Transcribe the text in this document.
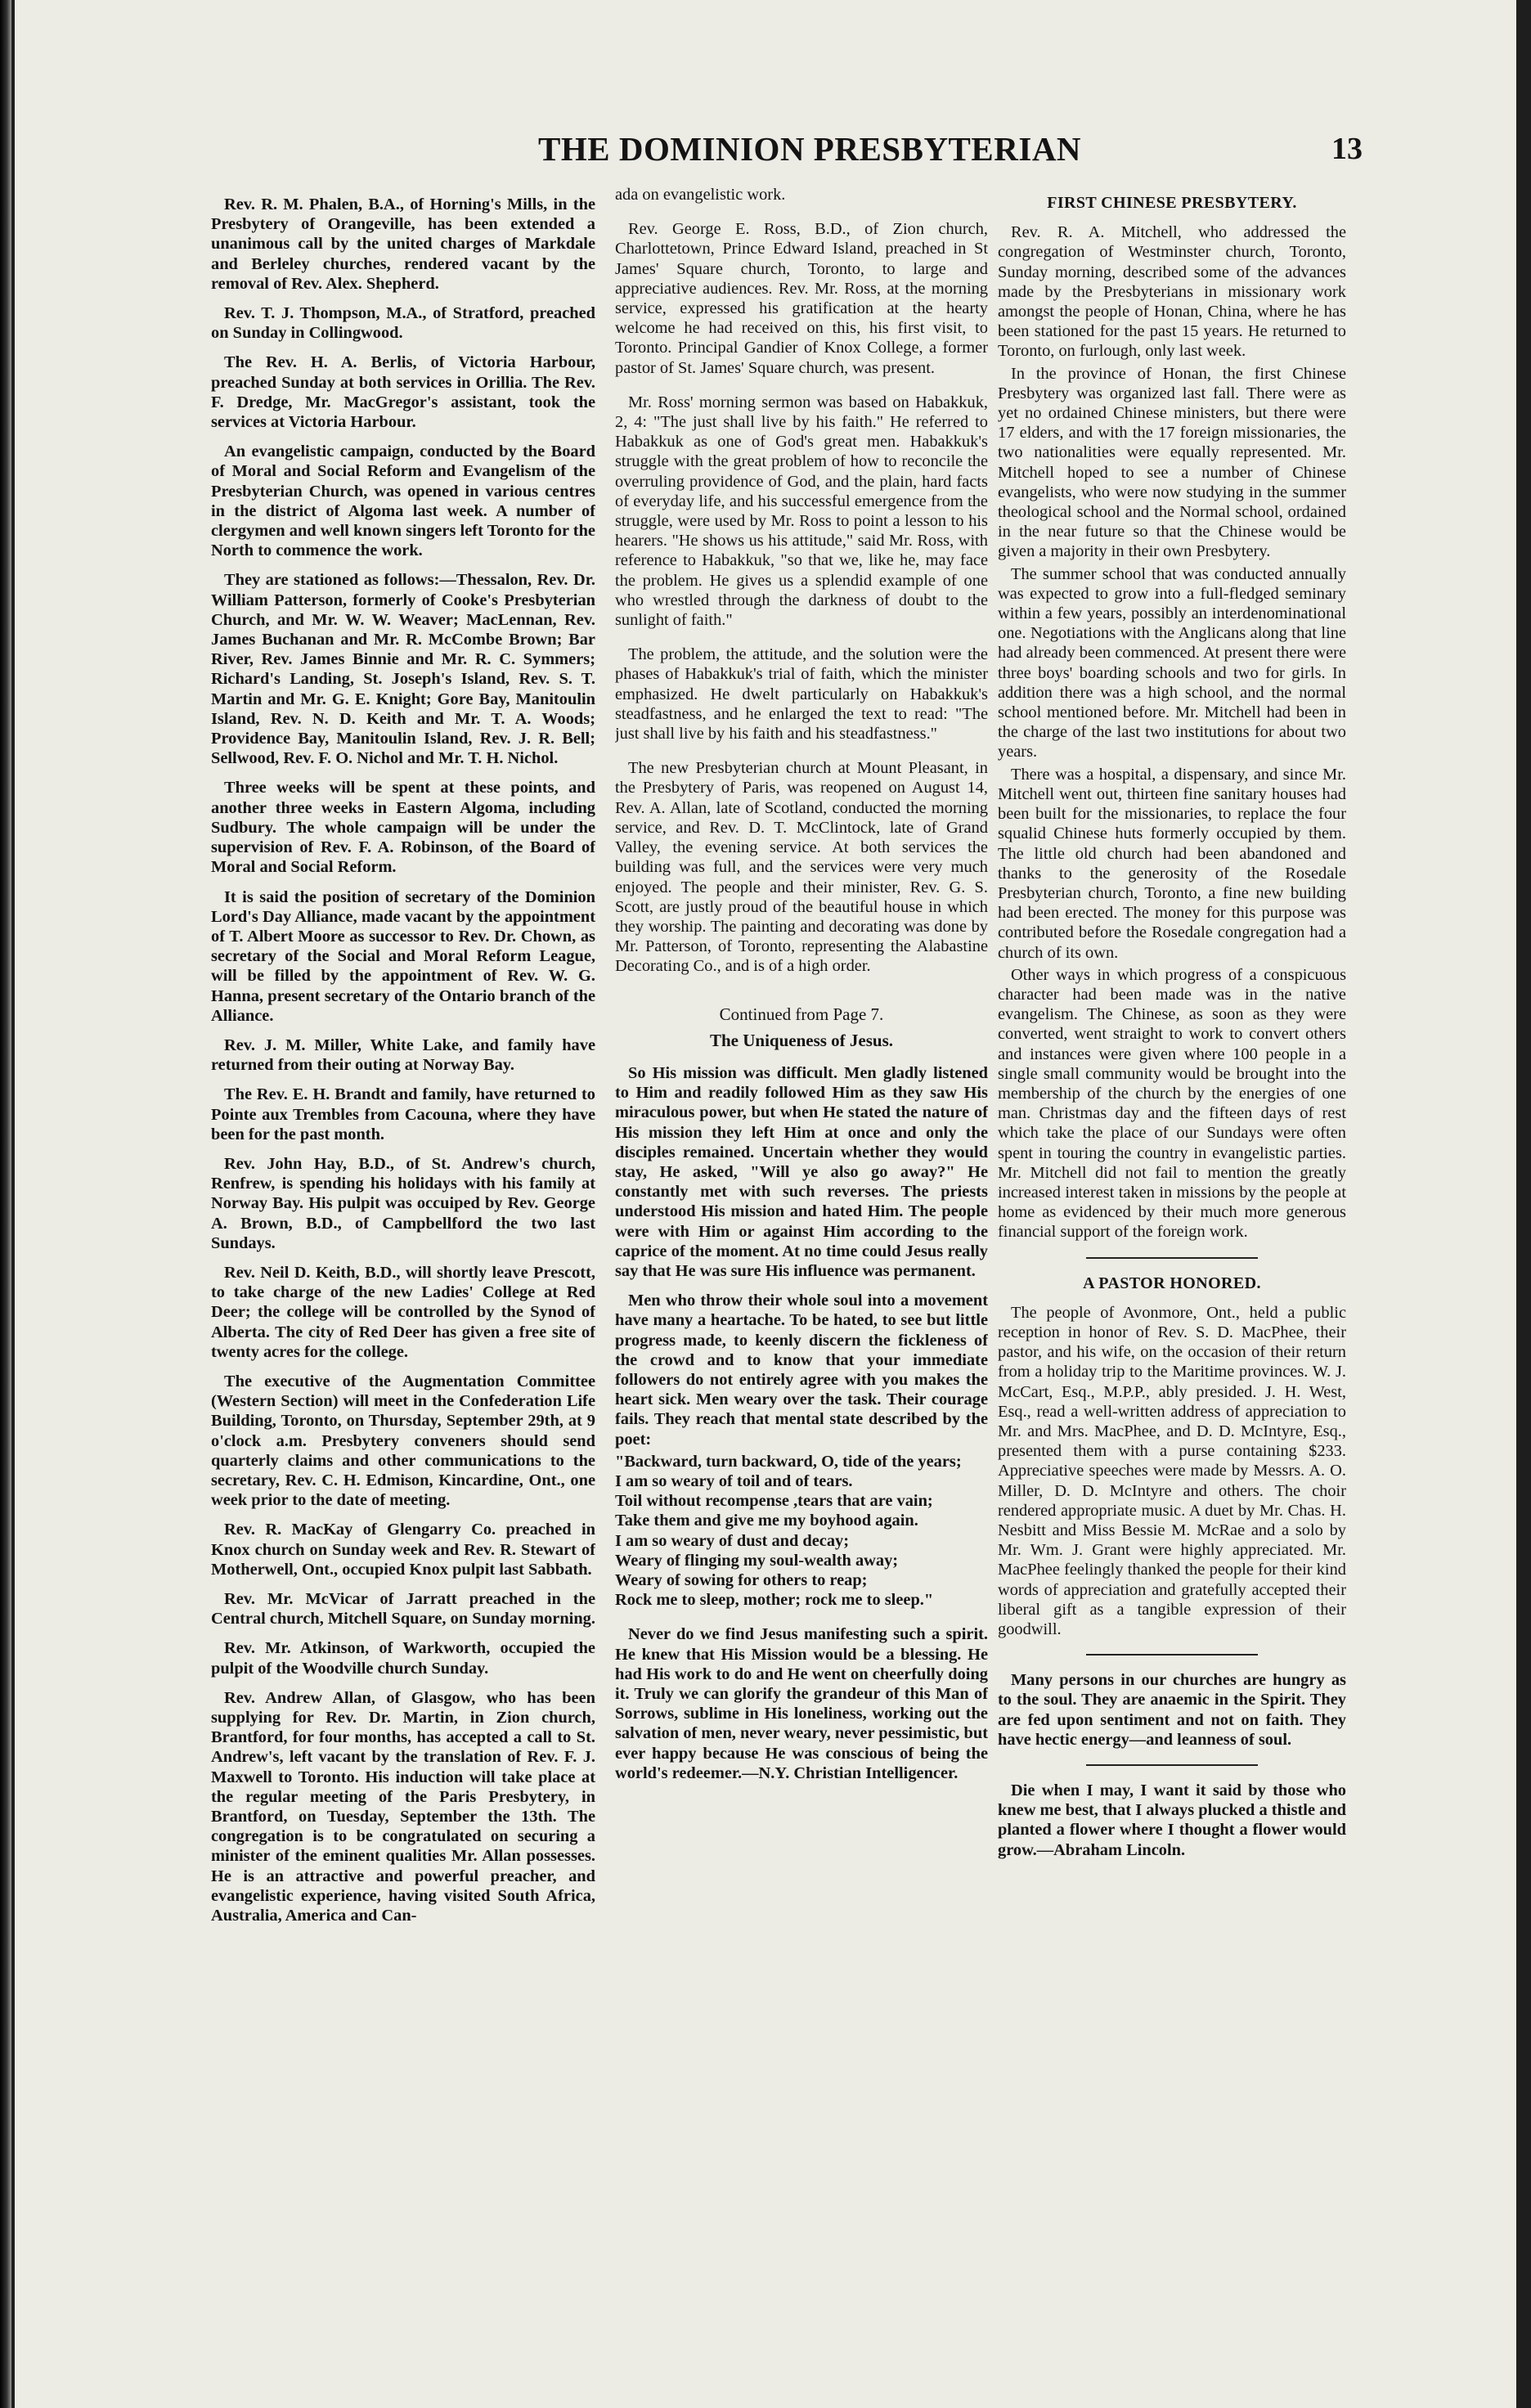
THE DOMINION PRESBYTERIAN	13

Rev. R. M. Phalen, B.A., of Horning's Mills, in the Presbytery of Orangeville, has been extended a unanimous call by the united charges of Markdale and Berleley churches, rendered vacant by the removal of Rev. Alex. Shepherd.

Rev. T. J. Thompson, M.A., of Stratford, preached on Sunday in Collingwood.

The Rev. H. A. Berlis, of Victoria Harbour, preached Sunday at both services in Orillia. The Rev. F. Dredge, Mr. MacGregor's assistant, took the services at Victoria Harbour.

An evangelistic campaign, conducted by the Board of Moral and Social Reform and Evangelism of the Presbyterian Church, was opened in various centres in the district of Algoma last week. A number of clergymen and well known singers left Toronto for the North to commence the work.

They are stationed as follows:—Thessalon, Rev. Dr. William Patterson, formerly of Cooke's Presbyterian Church, and Mr. W. W. Weaver; MacLennan, Rev. James Buchanan and Mr. R. McCombe Brown; Bar River, Rev. James Binnie and Mr. R. C. Symmers; Richard's Landing, St. Joseph's Island, Rev. S. T. Martin and Mr. G. E. Knight; Gore Bay, Manitoulin Island, Rev. N. D. Keith and Mr. T. A. Woods; Providence Bay, Manitoulin Island, Rev. J. R. Bell; Sellwood, Rev. F. O. Nichol and Mr. T. H. Nichol.

Three weeks will be spent at these points, and another three weeks in Eastern Algoma, including Sudbury. The whole campaign will be under the supervision of Rev. F. A. Robinson, of the Board of Moral and Social Reform.

It is said the position of secretary of the Dominion Lord's Day Alliance, made vacant by the appointment of T. Albert Moore as successor to Rev. Dr. Chown, as secretary of the Social and Moral Reform League, will be filled by the appointment of Rev. W. G. Hanna, present secretary of the Ontario branch of the Alliance.

Rev. J. M. Miller, White Lake, and family have returned from their outing at Norway Bay.

The Rev. E. H. Brandt and family, have returned to Pointe aux Trembles from Cacouna, where they have been for the past month.

Rev. John Hay, B.D., of St. Andrew's church, Renfrew, is spending his holidays with his family at Norway Bay. His pulpit was occuiped by Rev. George A. Brown, B.D., of Campbellford the two last Sundays.

Rev. Neil D. Keith, B.D., will shortly leave Prescott, to take charge of the new Ladies' College at Red Deer; the college will be controlled by the Synod of Alberta. The city of Red Deer has given a free site of twenty acres for the college.

The executive of the Augmentation Committee (Western Section) will meet in the Confederation Life Building, Toronto, on Thursday, September 29th, at 9 o'clock a.m. Presbytery conveners should send quarterly claims and other communications to the secretary, Rev. C. H. Edmison, Kincardine, Ont., one week prior to the date of meeting.

Rev. R. MacKay of Glengarry Co. preached in Knox church on Sunday week and Rev. R. Stewart of Motherwell, Ont., occupied Knox pulpit last Sabbath.

Rev. Mr. McVicar of Jarratt preached in the Central church, Mitchell Square, on Sunday morning.

Rev. Mr. Atkinson, of Warkworth, occupied the pulpit of the Woodville church Sunday.

Rev. Andrew Allan, of Glasgow, who has been supplying for Rev. Dr. Martin, in Zion church, Brantford, for four months, has accepted a call to St. Andrew's, left vacant by the translation of Rev. F. J. Maxwell to Toronto. His induction will take place at the regular meeting of the Paris Presbytery, in Brantford, on Tuesday, September the 13th. The congregation is to be congratulated on securing a minister of the eminent qualities Mr. Allan possesses. He is an attractive and powerful preacher, and evangelistic experience, having visited South Africa, Australia, America and Can-

ada on evangelistic work.

Rev. George E. Ross, B.D., of Zion church, Charlottetown, Prince Edward Island, preached in St James' Square church, Toronto, to large and appreciative audiences. Rev. Mr. Ross, at the morning service, expressed his gratification at the hearty welcome he had received on this, his first visit, to Toronto. Principal Gandier of Knox College, a former pastor of St. James' Square church, was present.

Mr. Ross' morning sermon was based on Habakkuk, 2, 4: "The just shall live by his faith." He referred to Habakkuk as one of God's great men. Habakkuk's struggle with the great problem of how to reconcile the overruling providence of God, and the plain, hard facts of everyday life, and his successful emergence from the struggle, were used by Mr. Ross to point a lesson to his hearers. "He shows us his attitude," said Mr. Ross, with reference to Habakkuk, "so that we, like he, may face the problem. He gives us a splendid example of one who wrestled through the darkness of doubt to the sunlight of faith."

The problem, the attitude, and the solution were the phases of Habakkuk's trial of faith, which the minister emphasized. He dwelt particularly on Habakkuk's steadfastness, and he enlarged the text to read: "The just shall live by his faith and his steadfastness."

The new Presbyterian church at Mount Pleasant, in the Presbytery of Paris, was reopened on August 14, Rev. A. Allan, late of Scotland, conducted the morning service, and Rev. D. T. McClintock, late of Grand Valley, the evening service. At both services the building was full, and the services were very much enjoyed. The people and their minister, Rev. G. S. Scott, are justly proud of the beautiful house in which they worship. The painting and decorating was done by Mr. Patterson, of Toronto, representing the Alabastine Decorating Co., and is of a high order.

Continued from Page 7.
The Uniqueness of Jesus.

So His mission was difficult. Men gladly listened to Him and readily followed Him as they saw His miraculous power, but when He stated the nature of His mission they left Him at once and only the disciples remained. Uncertain whether they would stay, He asked, "Will ye also go away?" He constantly met with such reverses. The priests understood His mission and hated Him. The people were with Him or against Him according to the caprice of the moment. At no time could Jesus really say that He was sure His influence was permanent.

Men who throw their whole soul into a movement have many a heartache. To be hated, to see but little progress made, to keenly discern the fickleness of the crowd and to know that your immediate followers do not entirely agree with you makes the heart sick. Men weary over the task. Their courage fails. They reach that mental state described by the poet:

"Backward, turn backward, O, tide of the years;
I am so weary of toil and of tears.
Toil without recompense ,tears that are vain;
Take them and give me my boyhood again.
I am so weary of dust and decay;
Weary of flinging my soul-wealth away;
Weary of sowing for others to reap;
Rock me to sleep, mother; rock me to sleep."

Never do we find Jesus manifesting such a spirit. He knew that His Mission would be a blessing. He had His work to do and He went on cheerfully doing it. Truly we can glorify the grandeur of this Man of Sorrows, sublime in His loneliness, working out the salvation of men, never weary, never pessimistic, but ever happy because He was conscious of being the world's redeemer.—N.Y. Christian Intelligencer.

FIRST CHINESE PRESBYTERY.

Rev. R. A. Mitchell, who addressed the congregation of Westminster church, Toronto, Sunday morning, described some of the advances made by the Presbyterians in missionary work amongst the people of Honan, China, where he has been stationed for the past 15 years. He returned to Toronto, on furlough, only last week.

In the province of Honan, the first Chinese Presbytery was organized last fall. There were as yet no ordained Chinese ministers, but there were 17 elders, and with the 17 foreign missionaries, the two nationalities were equally represented. Mr. Mitchell hoped to see a number of Chinese evangelists, who were now studying in the summer theological school and the Normal school, ordained in the near future so that the Chinese would be given a majority in their own Presbytery.

The summer school that was conducted annually was expected to grow into a full-fledged seminary within a few years, possibly an interdenominational one. Negotiations with the Anglicans along that line had already been commenced. At present there were three boys' boarding schools and two for girls. In addition there was a high school, and the normal school mentioned before. Mr. Mitchell had been in the charge of the last two institutions for about two years.

There was a hospital, a dispensary, and since Mr. Mitchell went out, thirteen fine sanitary houses had been built for the missionaries, to replace the four squalid Chinese huts formerly occupied by them. The little old church had been abandoned and thanks to the generosity of the Rosedale Presbyterian church, Toronto, a fine new building had been erected. The money for this purpose was contributed before the Rosedale congregation had a church of its own.

Other ways in which progress of a conspicuous character had been made was in the native evangelism. The Chinese, as soon as they were converted, went straight to work to convert others and instances were given where 100 people in a single small community would be brought into the membership of the church by the energies of one man. Christmas day and the fifteen days of rest which take the place of our Sundays were often spent in touring the country in evangelistic parties. Mr. Mitchell did not fail to mention the greatly increased interest taken in missions by the people at home as evidenced by their much more generous financial support of the foreign work.

A PASTOR HONORED.

The people of Avonmore, Ont., held a public reception in honor of Rev. S. D. MacPhee, their pastor, and his wife, on the occasion of their return from a holiday trip to the Maritime provinces. W. J. McCart, Esq., M.P.P., ably presided. J. H. West, Esq., read a well-written address of appreciation to Mr. and Mrs. MacPhee, and D. D. McIntyre, Esq., presented them with a purse containing $233. Appreciative speeches were made by Messrs. A. O. Miller, D. D. McIntyre and others. The choir rendered appropriate music. A duet by Mr. Chas. H. Nesbitt and Miss Bessie M. McRae and a solo by Mr. Wm. J. Grant were highly appreciated. Mr. MacPhee feelingly thanked the people for their kind words of appreciation and gratefully accepted their liberal gift as a tangible expression of their goodwill.

Many persons in our churches are hungry as to the soul. They are anaemic in the Spirit. They are fed upon sentiment and not on faith. They have hectic energy—and leanness of soul.

Die when I may, I want it said by those who knew me best, that I always plucked a thistle and planted a flower where I thought a flower would grow.—Abraham Lincoln.
